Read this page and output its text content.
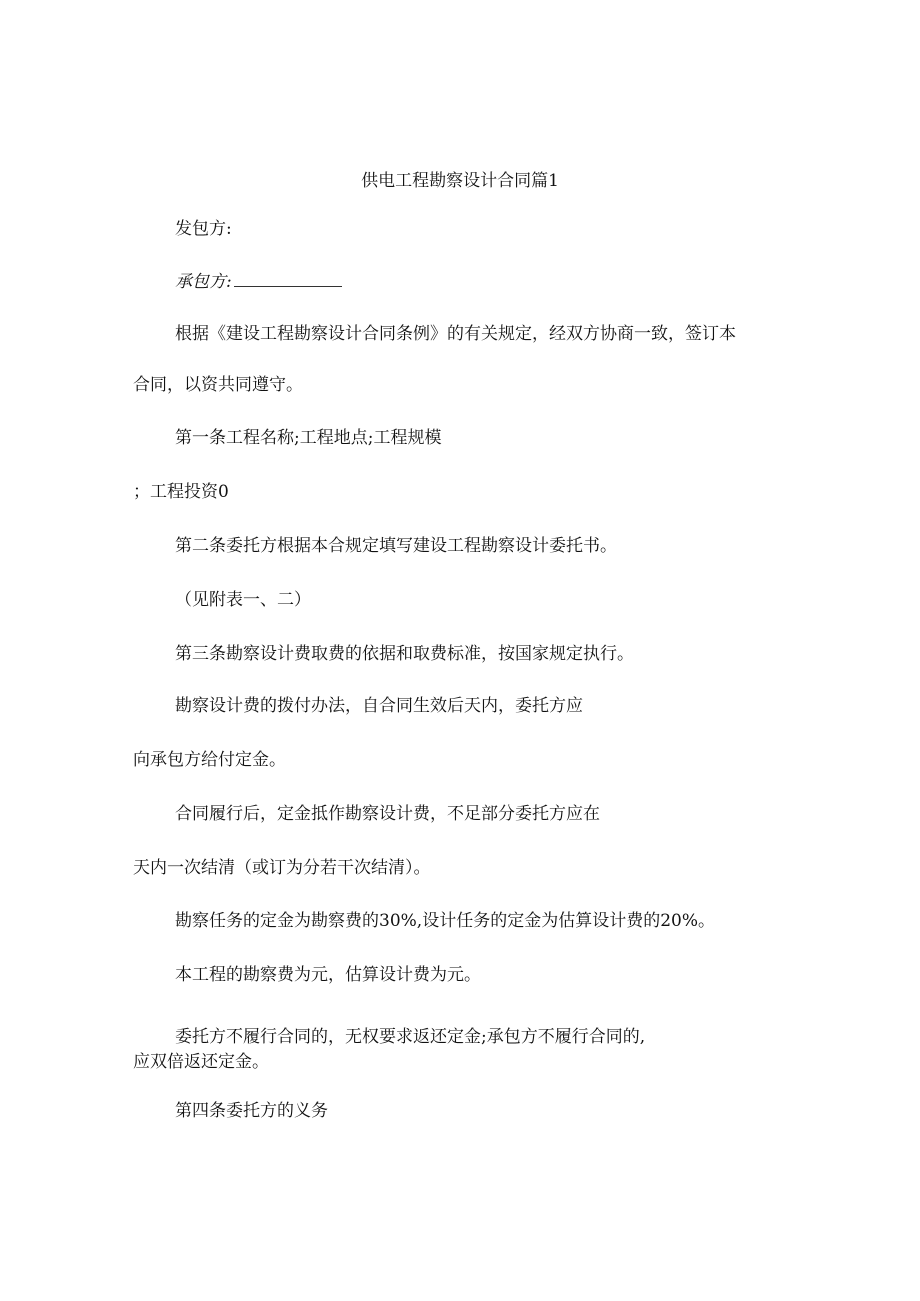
供电工程勘察设计合同篇1
发包方:
承包方:
根据《建设工程勘察设计合同条例》的有关规定，经双方协商一致，签订本
合同，以资共同遵守。
第一条工程名称;工程地点;工程规模
；工程投资0
第二条委托方根据本合规定填写建设工程勘察设计委托书。
（见附表一、二）
第三条勘察设计费取费的依据和取费标准，按国家规定执行。
勘察设计费的拨付办法，自合同生效后天内，委托方应
向承包方给付定金。
合同履行后，定金抵作勘察设计费，不足部分委托方应在
天内一次结清（或订为分若干次结清）。
勘察任务的定金为勘察费的30%,设计任务的定金为估算设计费的20%。
本工程的勘察费为元，估算设计费为元。
委托方不履行合同的，无权要求返还定金;承包方不履行合同的,
应双倍返还定金。
第四条委托方的义务
